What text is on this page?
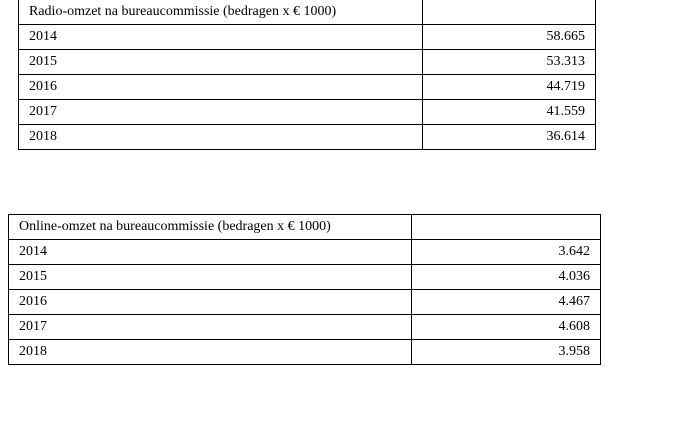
Radio-omzet na bureaucommissie (bedragen x € 1000)	
2014	58.665
2015	53.313
2016	44.719
2017	41.559
2018	36.614
Online-omzet na bureaucommissie (bedragen x € 1000)	
2014	3.642
2015	4.036
2016	4.467
2017	4.608
2018	3.958
